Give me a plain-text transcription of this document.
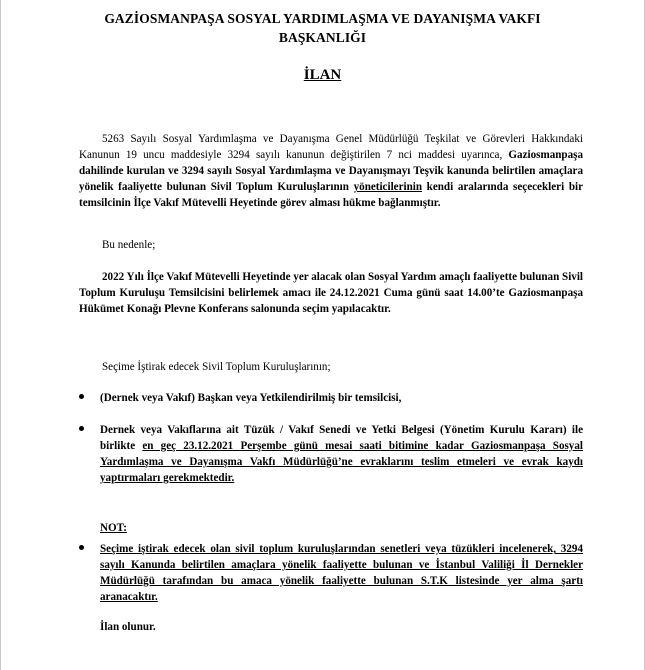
GAZİOSMANPAŞA SOSYAL YARDIMLAŞMA VE DAYANIŞMA VAKFI
BAŞKANLIĞI
İLAN
5263 Sayılı Sosyal Yardımlaşma ve Dayanışma Genel Müdürlüğü Teşkilat ve Görevleri Hakkındaki Kanunun 19 uncu maddesiyle 3294 sayılı kanunun değiştirilen 7 nci maddesi uyarınca, Gaziosmanpaşa dahilinde kurulan ve 3294 sayılı Sosyal Yardımlaşma ve Dayanışmayı Teşvik kanunda belirtilen amaçlara yönelik faaliyette bulunan Sivil Toplum Kuruluşlarının yöneticilerinin kendi aralarında seçecekleri bir temsilcinin İlçe Vakıf Mütevelli Heyetinde görev alması hükme bağlanmıştır.
Bu nedenle;
2022 Yılı İlçe Vakıf Mütevelli Heyetinde yer alacak olan Sosyal Yardım amaçlı faaliyette bulunan Sivil Toplum Kuruluşu Temsilcisini belirlemek amacı ile 24.12.2021 Cuma günü saat 14.00’te Gaziosmanpaşa Hükümet Konağı Plevne Konferans salonunda seçim yapılacaktır.
Seçime İştirak edecek Sivil Toplum Kuruluşlarının;
(Dernek veya Vakıf) Başkan veya Yetkilendirilmiş bir temsilcisi,
Dernek veya Vakıflarına ait Tüzük / Vakıf Senedi ve Yetki Belgesi (Yönetim Kurulu Kararı) ile birlikte en geç 23.12.2021 Perşembe günü mesai saati bitimine kadar Gaziosmanpaşa Sosyal Yardımlaşma ve Dayanışma Vakfı Müdürlüğü’ne evraklarını teslim etmeleri ve evrak kaydı yaptırmaları gerekmektedir.
NOT:
Seçime iştirak edecek olan sivil toplum kuruluşlarından senetleri veya tüzükleri incelenerek, 3294 sayılı Kanunda belirtilen amaçlara yönelik faaliyette bulunan ve İstanbul Valiliği İl Dernekler Müdürlüğü tarafından bu amaca yönelik faaliyette bulunan S.T.K listesinde yer alma şartı aranacaktır.
İlan olunur.
